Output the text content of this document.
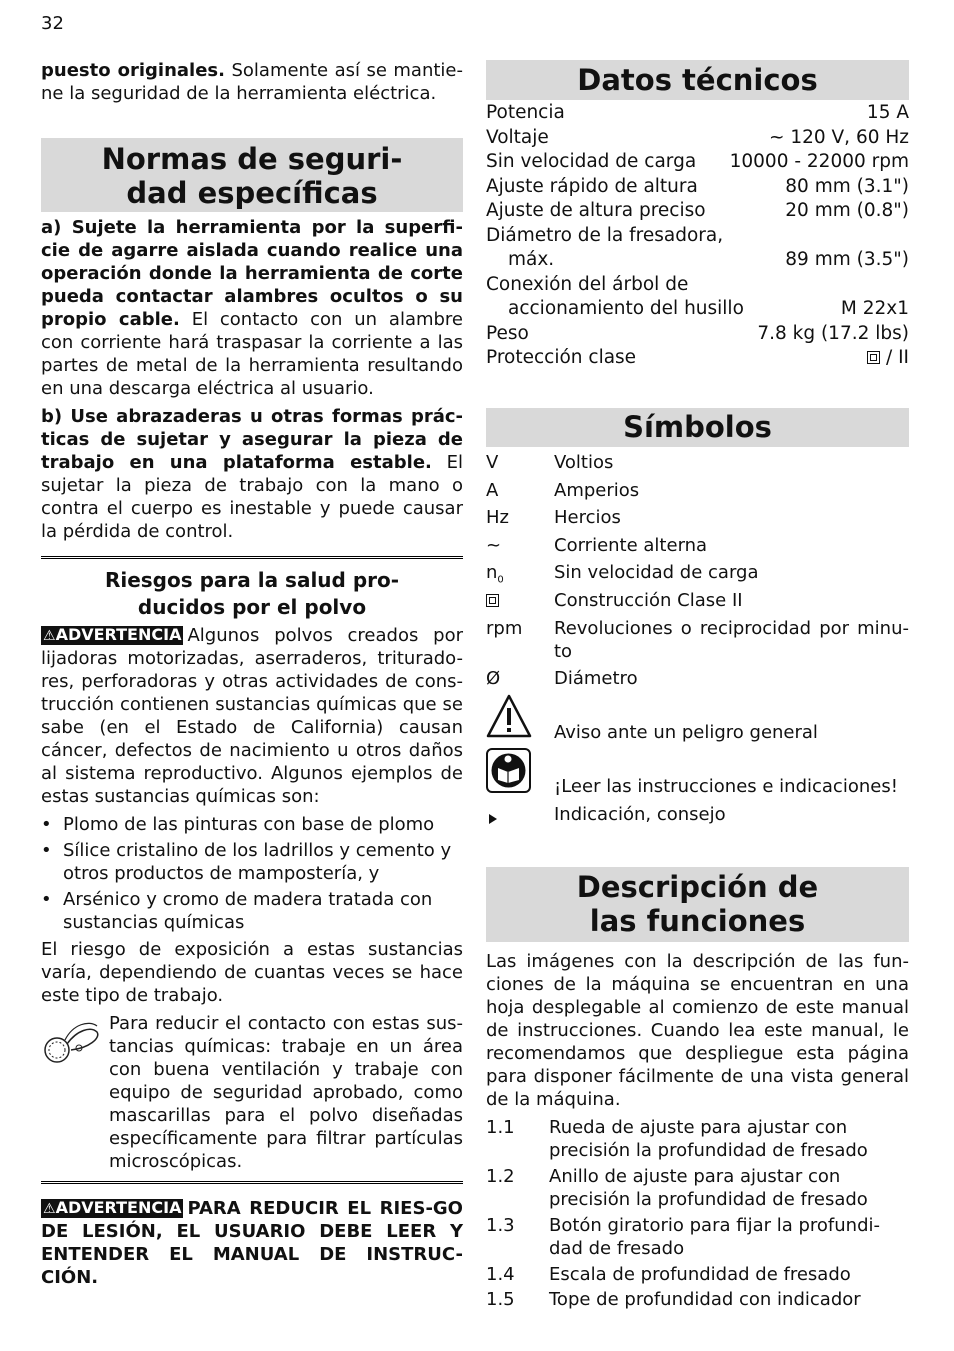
32

puesto originales. Solamente así se mantie-ne la seguridad de la herramienta eléctrica.

Normas de seguri-
dad específicas

a) Sujete la herramienta por la superfi-cie de agarre aislada cuando realice una operación donde la herramienta de corte pueda contactar alambres ocultos o su propio cable. El contacto con un alambre con corriente hará traspasar la corriente a las partes de metal de la herramienta resultando en una descarga eléctrica al usuario.

b) Use abrazaderas u otras formas prác-ticas de sujetar y asegurar la pieza de trabajo en una plataforma estable. El sujetar la pieza de trabajo con la mano o contra el cuerpo es inestable y puede causar la pérdida de control.

Riesgos para la salud pro-
ducidos por el polvo

⚠ADVERTENCIA Algunos polvos creados por lijadoras motorizadas, aserraderos, triturado-res, perforadoras y otras actividades de cons-trucción contienen sustancias químicas que se sabe (en el Estado de California) causan cáncer, defectos de nacimiento u otros daños al sistema reproductivo. Algunos ejemplos de estas sustancias químicas son:

• Plomo de las pinturas con base de plomo
• Sílice cristalino de los ladrillos y cemento y otros productos de mampostería, y
• Arsénico y cromo de madera tratada con sustancias químicas

El riesgo de exposición a estas sustancias varía, dependiendo de cuantas veces se hace este tipo de trabajo.

Para reducir el contacto con estas sus-tancias químicas: trabaje en un área con buena ventilación y trabaje con equipo de seguridad aprobado, como mascarillas para el polvo diseñadas específicamente para filtrar partículas microscópicas.

⚠ADVERTENCIA PARA REDUCIR EL RIES-GO DE LESIÓN, EL USUARIO DEBE LEER Y ENTENDER EL MANUAL DE INSTRUC-CIÓN.

Datos técnicos
Potencia	15 A
Voltaje	~ 120 V, 60 Hz
Sin velocidad de carga 10000 - 22000 rpm
Ajuste rápido de altura	80 mm (3.1")
Ajuste de altura preciso	20 mm (0.8")
Diámetro de la fresadora,
máx.	89 mm (3.5")
Conexión del árbol de
accionamiento del husillo	M 22x1
Peso	7.8 kg (17.2 lbs)
Protección clase	/ II
Símbolos
V	Voltios
A	Amperios
Hz	Hercios
~	Corriente alterna
$n_0$	Sin velocidad de carga
Construcción Clase II
rpm	Revoluciones o reciprocidad por minu-to
Ø	Diámetro
Aviso ante un peligro general
¡Leer las instrucciones e indicaciones!
Indicación, consejo
Descripción de
las funciones

Las imágenes con la descripción de las fun-ciones de la máquina se encuentran en una hoja desplegable al comienzo de este manual de instrucciones. Cuando lea este manual, le recomendamos que despliegue esta página para disponer fácilmente de una vista general de la máquina.

1.1	Rueda de ajuste para ajustar con precisión la profundidad de fresado
1.2	Anillo de ajuste para ajustar con precisión la profundidad de fresado
1.3	Botón giratorio para fijar la profundi-dad de fresado
1.4	Escala de profundidad de fresado
1.5	Tope de profundidad con indicador
